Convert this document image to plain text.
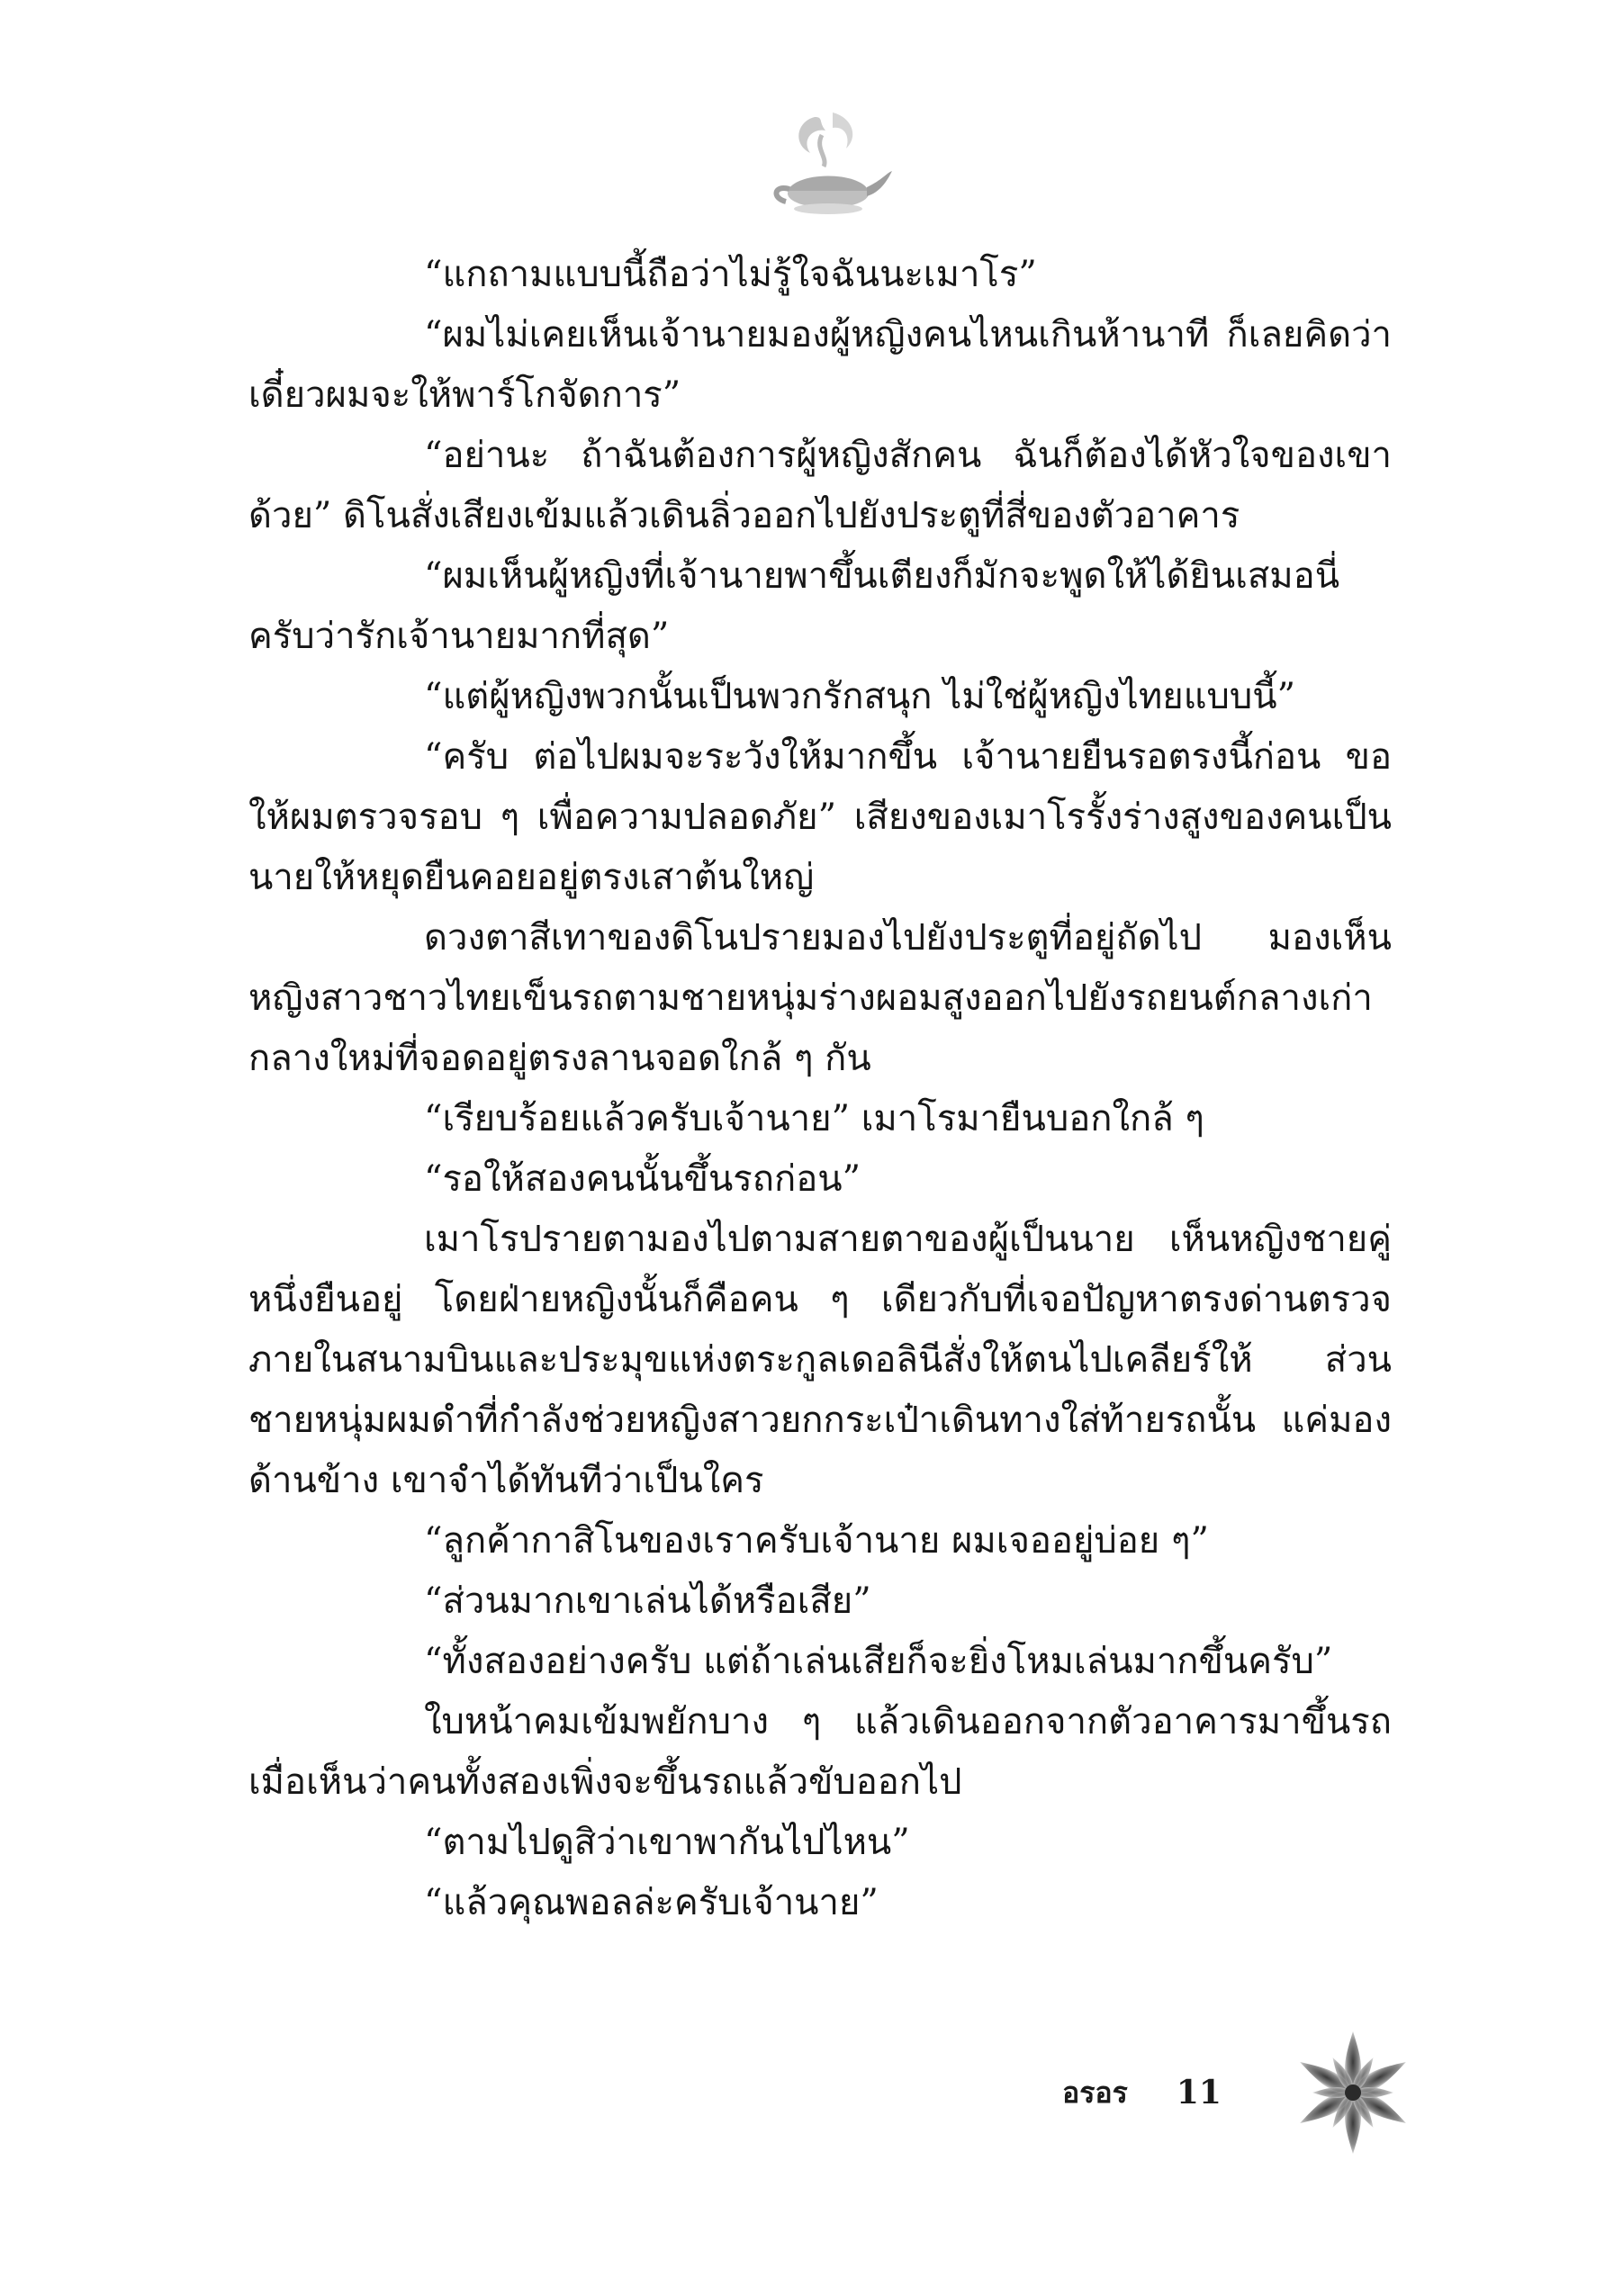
“แกถามแบบนี้ถือว่าไม่รู้ใจฉันนะเมาโร”

“ผมไม่เคยเห็นเจ้านายมองผู้หญิงคนไหนเกินห้านาที ก็เลยคิดว่าเดี๋ยวผมจะให้พาร์โกจัดการ”

“อย่านะ ถ้าฉันต้องการผู้หญิงสักคน ฉันก็ต้องได้หัวใจของเขาด้วย” ดิโนสั่งเสียงเข้มแล้วเดินลิ่วออกไปยังประตูที่สี่ของตัวอาคาร

“ผมเห็นผู้หญิงที่เจ้านายพาขึ้นเตียงก็มักจะพูดให้ได้ยินเสมอนี่ครับว่ารักเจ้านายมากที่สุด”

“แต่ผู้หญิงพวกนั้นเป็นพวกรักสนุก ไม่ใช่ผู้หญิงไทยแบบนี้”

“ครับ ต่อไปผมจะระวังให้มากขึ้น เจ้านายยืนรอตรงนี้ก่อน ขอให้ผมตรวจรอบ ๆ เพื่อความปลอดภัย” เสียงของเมาโรรั้งร่างสูงของคนเป็นนายให้หยุดยืนคอยอยู่ตรงเสาต้นใหญ่

ดวงตาสีเทาของดิโนปรายมองไปยังประตูที่อยู่ถัดไป มองเห็นหญิงสาวชาวไทยเข็นรถตามชายหนุ่มร่างผอมสูงออกไปยังรถยนต์กลางเก่ากลางใหม่ที่จอดอยู่ตรงลานจอดใกล้ ๆ กัน

“เรียบร้อยแล้วครับเจ้านาย” เมาโรมายืนบอกใกล้ ๆ

“รอให้สองคนนั้นขึ้นรถก่อน”

เมาโรปรายตามองไปตามสายตาของผู้เป็นนาย เห็นหญิงชายคู่หนึ่งยืนอยู่ โดยฝ่ายหญิงนั้นก็คือคน ๆ เดียวกับที่เจอปัญหาตรงด่านตรวจภายในสนามบินและประมุขแห่งตระกูลเดอลินีสั่งให้ตนไปเคลียร์ให้ ส่วนชายหนุ่มผมดำที่กำลังช่วยหญิงสาวยกกระเป๋าเดินทางใส่ท้ายรถนั้น แค่มองด้านข้าง เขาจำได้ทันทีว่าเป็นใคร

“ลูกค้ากาสิโนของเราครับเจ้านาย ผมเจออยู่บ่อย ๆ”

“ส่วนมากเขาเล่นได้หรือเสีย”

“ทั้งสองอย่างครับ แต่ถ้าเล่นเสียก็จะยิ่งโหมเล่นมากขึ้นครับ”

ใบหน้าคมเข้มพยักบาง ๆ แล้วเดินออกจากตัวอาคารมาขึ้นรถเมื่อเห็นว่าคนทั้งสองเพิ่งจะขึ้นรถแล้วขับออกไป

“ตามไปดูสิว่าเขาพากันไปไหน”

“แล้วคุณพอลล่ะครับเจ้านาย”

อรอร 11
